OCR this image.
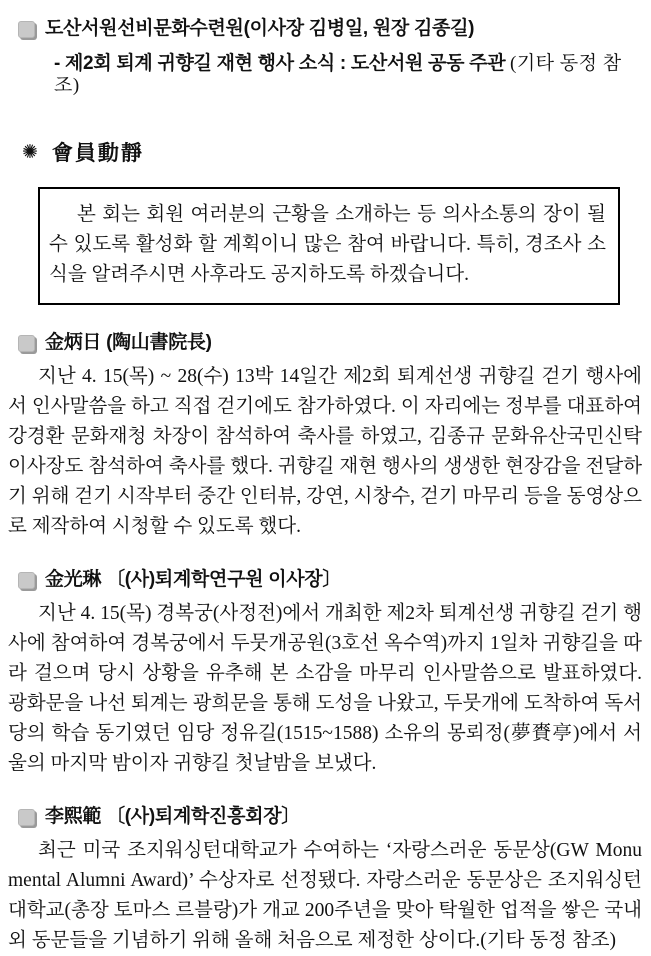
도산서원선비문화수련원(이사장 김병일, 원장 김종길)
- 제2회 퇴계 귀향길 재현 행사 소식 : 도산서원 공동 주관 (기타 동정 참조)
✺ 會員動靜

본 회는 회원 여러분의 근황을 소개하는 등 의사소통의 장이 될 수 있도록 활성화 할 계획이니 많은 참여 바랍니다. 특히, 경조사 소식을 알려주시면 사후라도 공지하도록 하겠습니다.

金炳日 (陶山書院長)

지난 4. 15(목) ~ 28(수) 13박 14일간 제2회 퇴계선생 귀향길 걷기 행사에서 인사말씀을 하고 직접 걷기에도 참가하였다. 이 자리에는 정부를 대표하여 강경환 문화재청 차장이 참석하여 축사를 하였고, 김종규 문화유산국민신탁 이사장도 참석하여 축사를 했다. 귀향길 재현 행사의 생생한 현장감을 전달하기 위해 걷기 시작부터 중간 인터뷰, 강연, 시창수, 걷기 마무리 등을 동영상으로 제작하여 시청할 수 있도록 했다.

金光琳 〔(사)퇴계학연구원 이사장〕

지난 4. 15(목) 경복궁(사정전)에서 개최한 제2차 퇴계선생 귀향길 걷기 행사에 참여하여 경복궁에서 두뭇개공원(3호선 옥수역)까지 1일차 귀향길을 따라 걸으며 당시 상황을 유추해 본 소감을 마무리 인사말씀으로 발표하였다. 광화문을 나선 퇴계는 광희문을 통해 도성을 나왔고, 두뭇개에 도착하여 독서당의 학습 동기였던 임당 정유길(1515~1588) 소유의 몽뢰정(夢賚亭)에서 서울의 마지막 밤이자 귀향길 첫날밤을 보냈다.

李熙範 〔(사)퇴계학진흥회장〕

최근 미국 조지워싱턴대학교가 수여하는 ‘자랑스러운 동문상(GW Monumental Alumni Award)’ 수상자로 선정됐다. 자랑스러운 동문상은 조지워싱턴대학교(총장 토마스 르블랑)가 개교 200주년을 맞아 탁월한 업적을 쌓은 국내외 동문들을 기념하기 위해 올해 처음으로 제정한 상이다.(기타 동정 참조)
